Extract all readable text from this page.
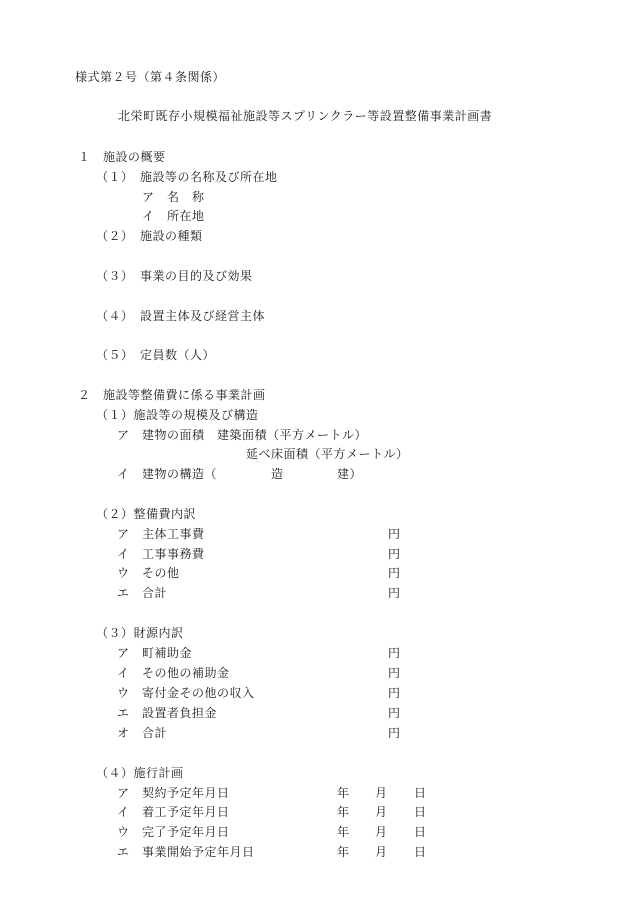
様式第２号（第４条関係）
北栄町既存小規模福祉施設等スプリンクラー等設置整備事業計画書
１　施設の概要
（１）　施設等の名称及び所在地
ア　名　称
イ　所在地
（２）　施設の種類
（３）　事業の目的及び効果
（４）　設置主体及び経営主体
（５）　定員数（人）
２　施設等整備費に係る事業計画
（１）施設等の規模及び構造
ア　建物の面積　建築面積（平方メートル）
延べ床面積（平方メートル）
イ　建物の構造（	造	建）
（２）整備費内訳
ア　主体工事費	円
イ　工事事務費	円
ウ　その他	円
エ　合計	円
（３）財源内訳
ア　町補助金	円
イ　その他の補助金	円
ウ　寄付金その他の収入	円
エ　設置者負担金	円
オ　合計	円
（４）施行計画
ア　契約予定年月日	年 月 日
イ　着工予定年月日	年 月 日
ウ　完了予定年月日	年 月 日
エ　事業開始予定年月日	年 月 日
